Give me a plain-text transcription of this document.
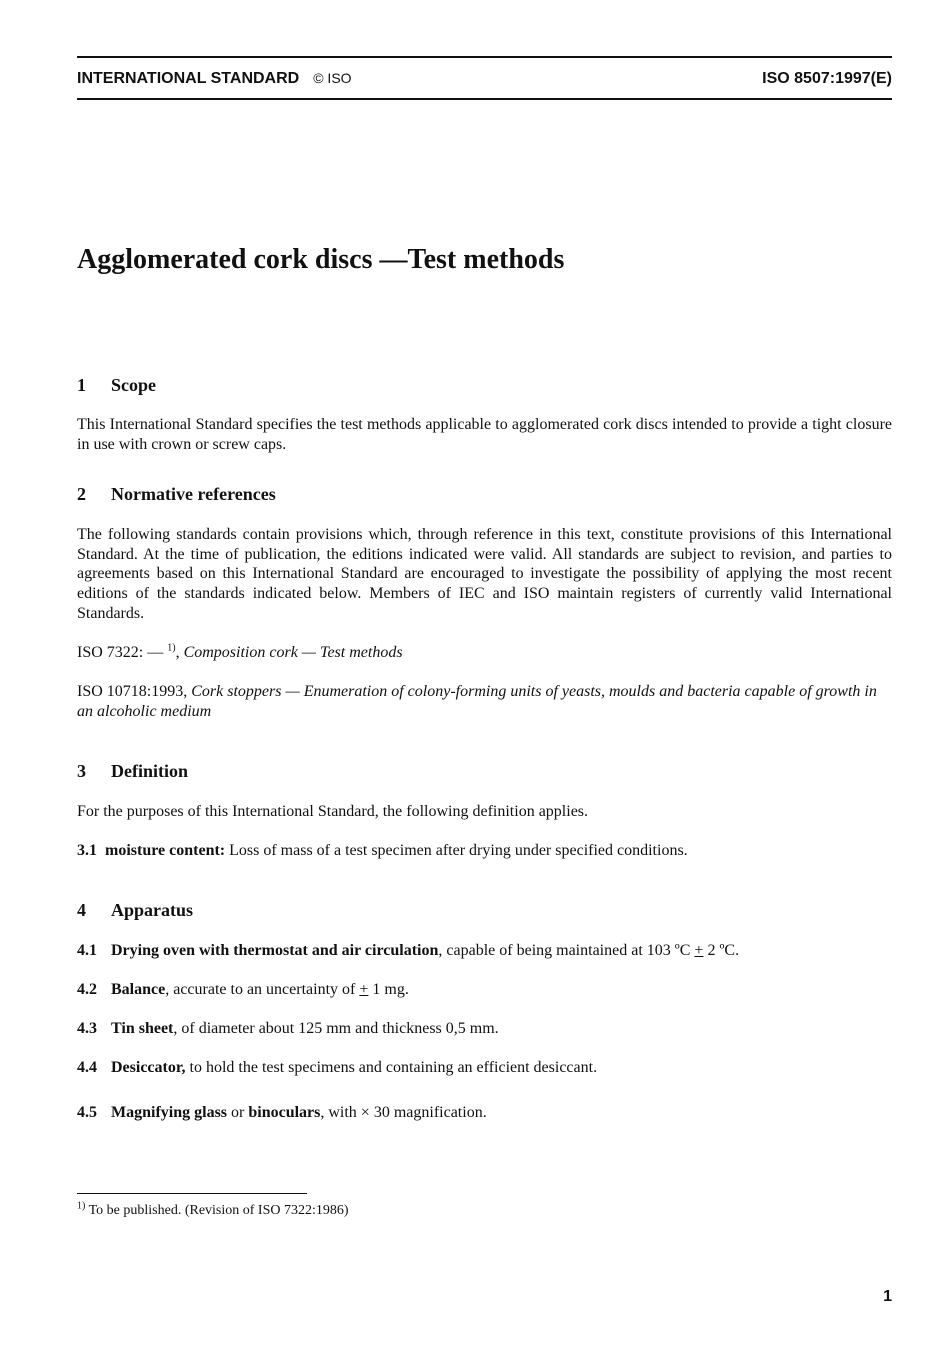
INTERNATIONAL STANDARD © ISO	ISO 8507:1997(E)
Agglomerated cork discs —Test methods
1 Scope

This International Standard specifies the test methods applicable to agglomerated cork discs intended to provide a tight closure in use with crown or screw caps.

2 Normative references

The following standards contain provisions which, through reference in this text, constitute provisions of this International Standard. At the time of publication, the editions indicated were valid. All standards are subject to revision, and parties to agreements based on this International Standard are encouraged to investigate the possibility of applying the most recent editions of the standards indicated below. Members of IEC and ISO maintain registers of currently valid International Standards.

ISO 7322: — $^{1)}$, Composition cork — Test methods
ISO 10718:1993, Cork stoppers — Enumeration of colony-forming units of yeasts, moulds and bacteria capable of growth in an alcoholic medium
3 Definition

For the purposes of this International Standard, the following definition applies.

3.1 moisture content: Loss of mass of a test specimen after drying under specified conditions.
4 Apparatus
4.1 Drying oven with thermostat and air circulation, capable of being maintained at 103 ºC + 2 ºC.
4.2 Balance, accurate to an uncertainty of + 1 mg.
4.3 Tin sheet, of diameter about 125 mm and thickness 0,5 mm.
4.4 Desiccator, to hold the test specimens and containing an efficient desiccant.
4.5 Magnifying glass or binoculars, with × 30 magnification.
$^{1)}$ To be published. (Revision of ISO 7322:1986)
1
